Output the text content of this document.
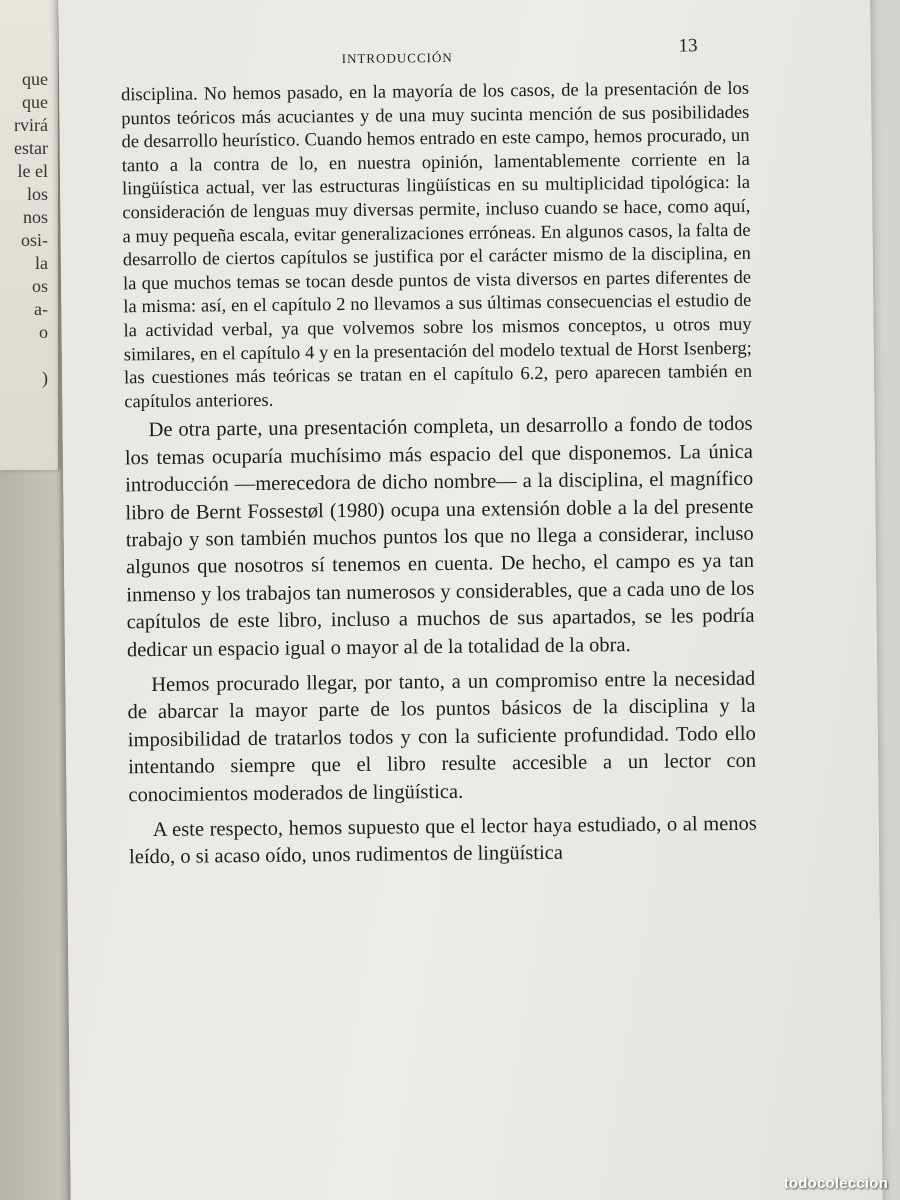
que
que
rvirá
estar
le el
los
nos
osi-
la
os
a-
o
)
INTRODUCCIÓN
13

disciplina. No hemos pasado, en la mayoría de los casos, de la presentación de los puntos teóricos más acuciantes y de una muy sucinta mención de sus posibilidades de desarrollo heurístico. Cuando hemos entrado en este campo, hemos procurado, un tanto a la contra de lo, en nuestra opinión, lamentablemente corriente en la lingüística actual, ver las estructuras lingüísticas en su multiplicidad tipológica: la consideración de lenguas muy diversas permite, incluso cuando se hace, como aquí, a muy pequeña escala, evitar generalizaciones erróneas. En algunos casos, la falta de desarrollo de ciertos capítulos se justifica por el carácter mismo de la disciplina, en la que muchos temas se tocan desde puntos de vista diversos en partes diferentes de la misma: así, en el capítulo 2 no llevamos a sus últimas consecuencias el estudio de la actividad verbal, ya que volvemos sobre los mismos conceptos, u otros muy similares, en el capítulo 4 y en la presentación del modelo textual de Horst Isenberg; las cuestiones más teóricas se tratan en el capítulo 6.2, pero aparecen también en capítulos anteriores.

De otra parte, una presentación completa, un desarrollo a fondo de todos los temas ocuparía muchísimo más espacio del que disponemos. La única introducción —merecedora de dicho nombre— a la disciplina, el magnífico libro de Bernt Fossestøl (1980) ocupa una extensión doble a la del presente trabajo y son también muchos puntos los que no llega a considerar, incluso algunos que nosotros sí tenemos en cuenta. De hecho, el campo es ya tan inmenso y los trabajos tan numerosos y considerables, que a cada uno de los capítulos de este libro, incluso a muchos de sus apartados, se les podría dedicar un espacio igual o mayor al de la totalidad de la obra.

Hemos procurado llegar, por tanto, a un compromiso entre la necesidad de abarcar la mayor parte de los puntos básicos de la disciplina y la imposibilidad de tratarlos todos y con la suficiente profundidad. Todo ello intentando siempre que el libro resulte accesible a un lector con conocimientos moderados de lingüística.

A este respecto, hemos supuesto que el lector haya estudiado, o al menos leído, o si acaso oído, unos rudimentos de lingüística

todocoleccion
